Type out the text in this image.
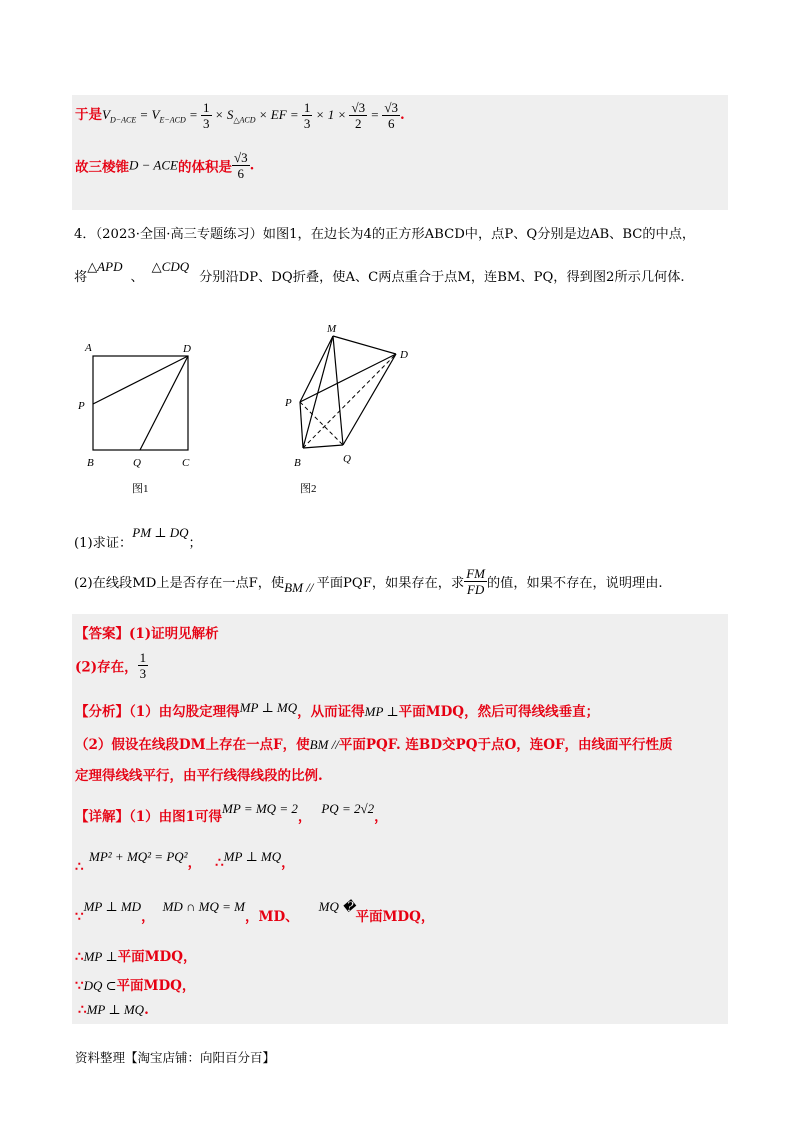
于是$V_{D-ACE} = V_{E-ACD} = \frac{1}{3} \times S_{\triangle ACD}$ × EF = $\frac{1}{3} \times 1 \times \frac{√3}{2} = \frac{√3}{6}$ .
故三棱锥D − ACE的体积是 $\frac{√3}{6}$ .
4．（2023·全国·高三专题练习）如图1，在边长为4的正方形ABCD中，点P、Q分别是边AB、BC的中点，
将△APD、△CDQ分别沿DP、DQ折叠，使A、C两点重合于点M，连BM、PQ，得到图2所示几何体.
A	D
P
B	Q	C
图1
M
D
P
B	Q
图2
(1)求证：PM ⊥ DQ；
(2)在线段MD上是否存在一点F，使BM // 平面PQF，如果存在，求 $\frac{FM}{FD}$ 的值，如果不存在，说明理由.
【答案】(1)证明见解析
(2)存在， $\frac{1}{3}$
【分析】（1）由勾股定理得MP ⊥ MQ，从而证得MP ⊥平面MDQ，然后可得线线垂直；
（2）假设在线段DM上存在一点F，使BM //平面PQF. 连BD交PQ于点O，连OF，由线面平行性质
定理得线线平行，由平行线得线段的比例.
【详解】（1）由图1可得MP = MQ = 2，PQ = 2√2，
MP² + MQ² = PQ²， ∴MP ⊥ MQ，
∴
∵MP ⊥ MD，MD ∩ MQ = M，MD、MQ �平面MDQ，
∴MP ⊥平面MDQ，
∵DQ ⊂平面MDQ，
∴MP ⊥ MQ.
资料整理【淘宝店铺：向阳百分百】
